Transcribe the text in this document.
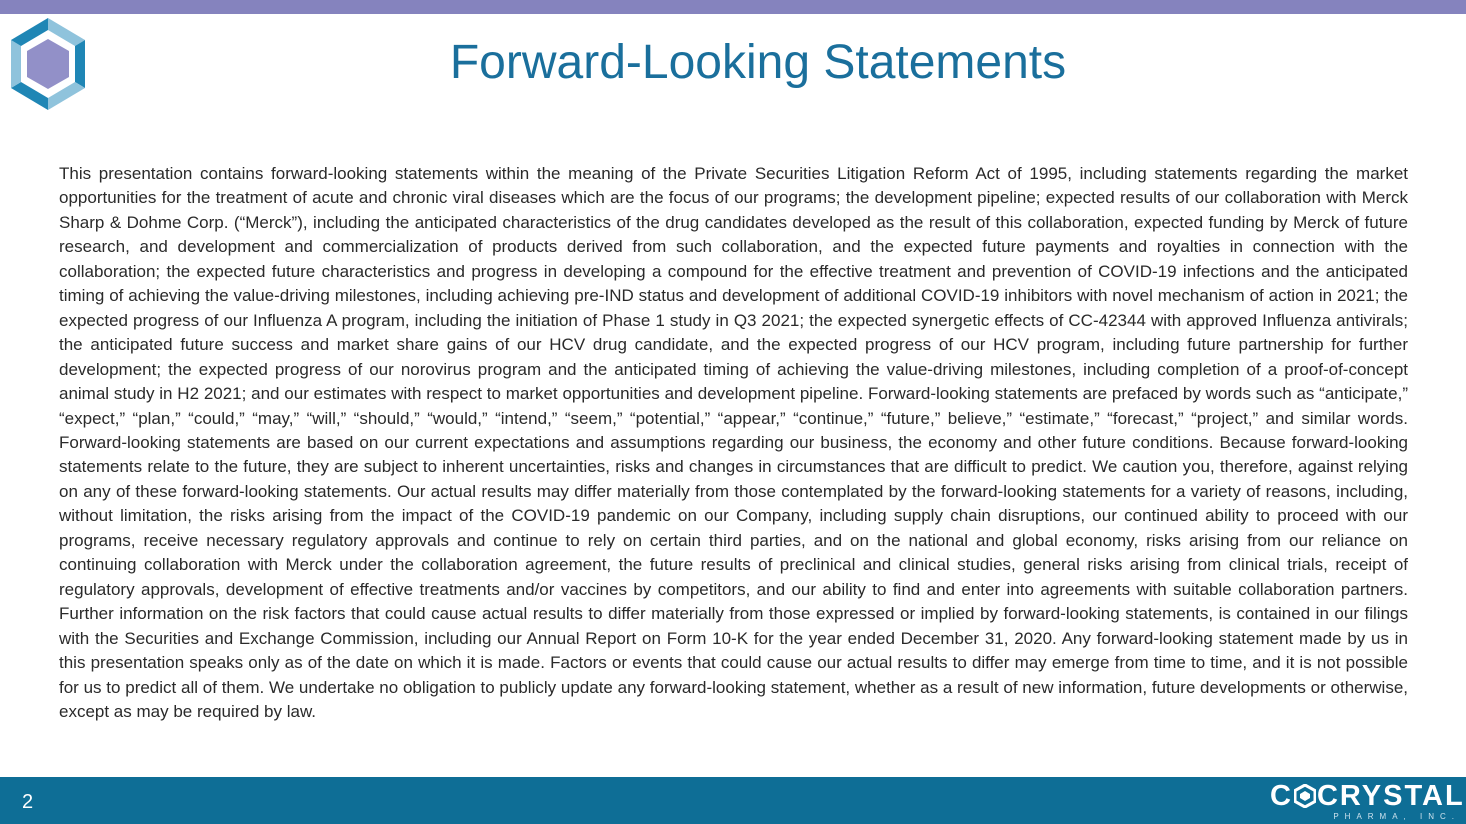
Forward-Looking Statements

This presentation contains forward-looking statements within the meaning of the Private Securities Litigation Reform Act of 1995, including statements regarding the market opportunities for the treatment of acute and chronic viral diseases which are the focus of our programs; the development pipeline; expected results of our collaboration with Merck Sharp & Dohme Corp. (“Merck”), including the anticipated characteristics of the drug candidates developed as the result of this collaboration, expected funding by Merck of future research, and development and commercialization of products derived from such collaboration, and the expected future payments and royalties in connection with the collaboration; the expected future characteristics and progress in developing a compound for the effective treatment and prevention of COVID-19 infections and the anticipated timing of achieving the value-driving milestones, including achieving pre-IND status and development of additional COVID-19 inhibitors with novel mechanism of action in 2021; the expected progress of our Influenza A program, including the initiation of Phase 1 study in Q3 2021; the expected synergetic effects of CC-42344 with approved Influenza antivirals; the anticipated future success and market share gains of our HCV drug candidate, and the expected progress of our HCV program, including future partnership for further development; the expected progress of our norovirus program and the anticipated timing of achieving the value-driving milestones, including completion of a proof-of-concept animal study in H2 2021; and our estimates with respect to market opportunities and development pipeline. Forward-looking statements are prefaced by words such as “anticipate,” “expect,” “plan,” “could,” “may,” “will,” “should,” “would,” “intend,” “seem,” “potential,” “appear,” “continue,” “future,” believe,” “estimate,” “forecast,” “project,” and similar words. Forward-looking statements are based on our current expectations and assumptions regarding our business, the economy and other future conditions. Because forward-looking statements relate to the future, they are subject to inherent uncertainties, risks and changes in circumstances that are difficult to predict. We caution you, therefore, against relying on any of these forward-looking statements. Our actual results may differ materially from those contemplated by the forward-looking statements for a variety of reasons, including, without limitation, the risks arising from the impact of the COVID-19 pandemic on our Company, including supply chain disruptions, our continued ability to proceed with our programs, receive necessary regulatory approvals and continue to rely on certain third parties, and on the national and global economy, risks arising from our reliance on continuing collaboration with Merck under the collaboration agreement, the future results of preclinical and clinical studies, general risks arising from clinical trials, receipt of regulatory approvals, development of effective treatments and/or vaccines by competitors, and our ability to find and enter into agreements with suitable collaboration partners. Further information on the risk factors that could cause actual results to differ materially from those expressed or implied by forward-looking statements, is contained in our filings with the Securities and Exchange Commission, including our Annual Report on Form 10-K for the year ended December 31, 2020. Any forward-looking statement made by us in this presentation speaks only as of the date on which it is made. Factors or events that could cause our actual results to differ may emerge from time to time, and it is not possible for us to predict all of them. We undertake no obligation to publicly update any forward-looking statement, whether as a result of new information, future developments or otherwise, except as may be required by law.

2	C CRYSTAL
PHARMA, INC.
